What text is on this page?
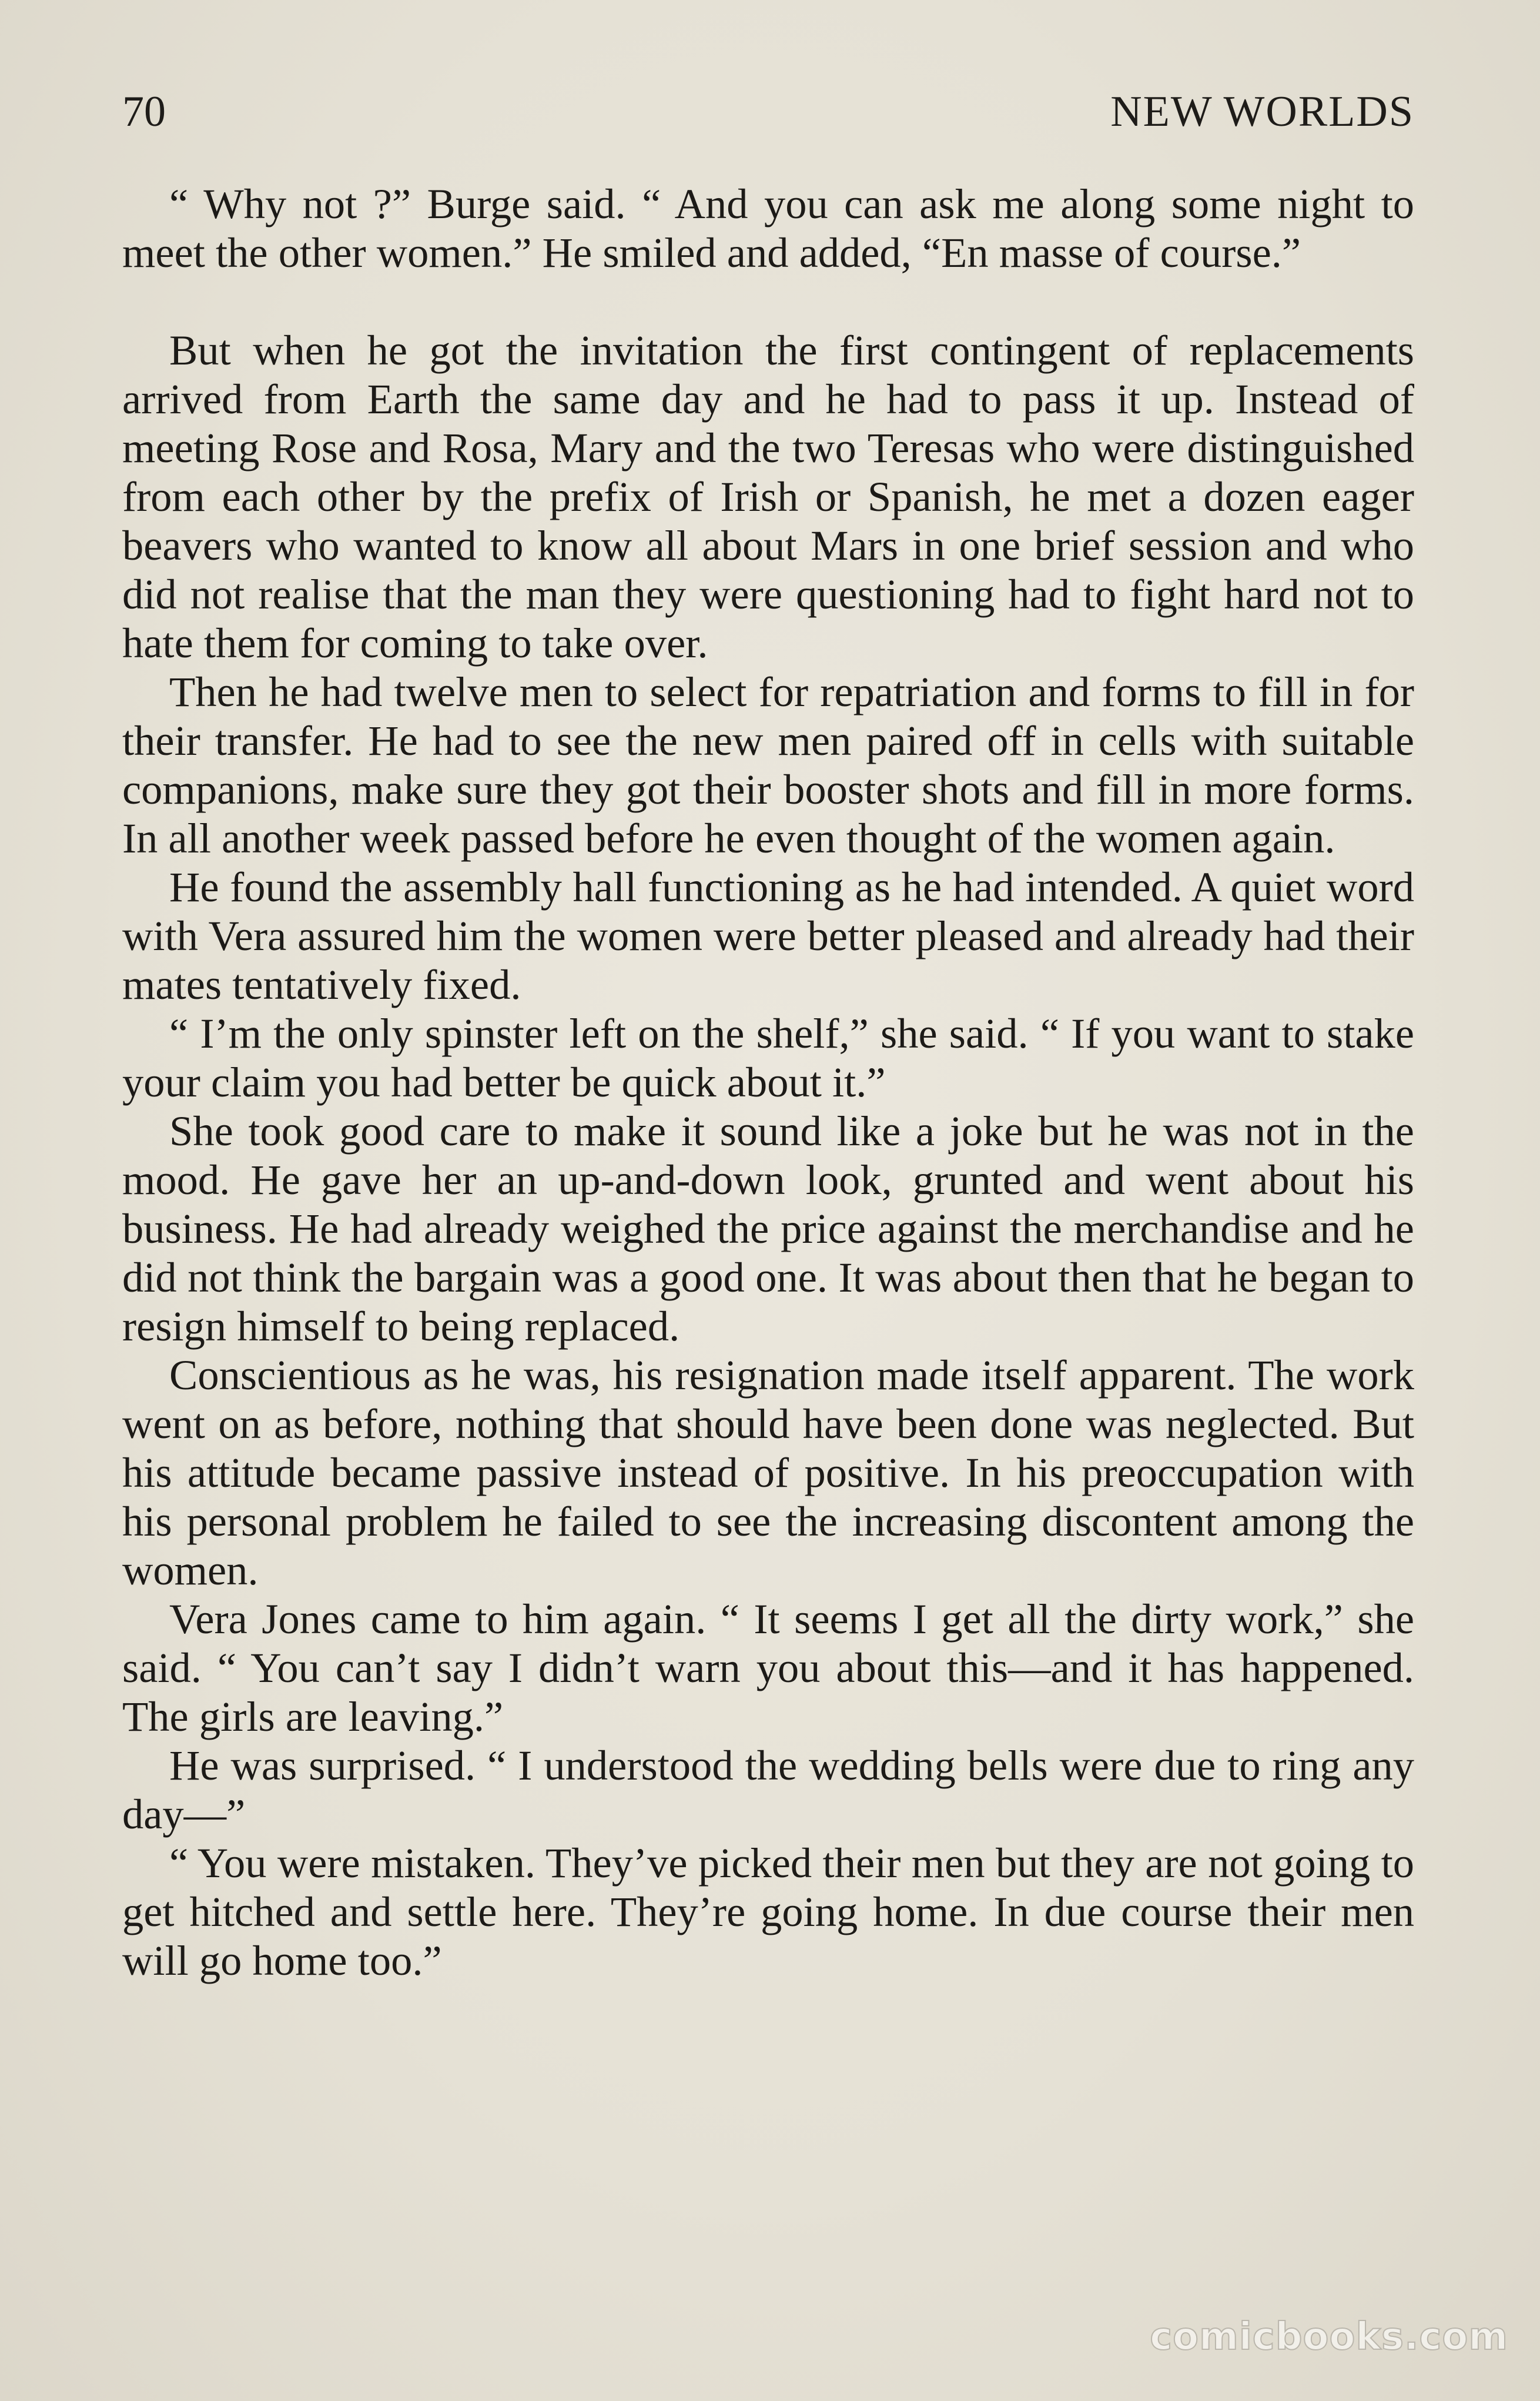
70	NEW WORLDS

“ Why not ?” Burge said. “ And you can ask me along some night to meet the other women.” He smiled and added, “En masse of course.”

But when he got the invitation the first contingent of replacements arrived from Earth the same day and he had to pass it up. Instead of meeting Rose and Rosa, Mary and the two Teresas who were distinguished from each other by the prefix of Irish or Spanish, he met a dozen eager beavers who wanted to know all about Mars in one brief session and who did not realise that the man they were questioning had to fight hard not to hate them for coming to take over.

Then he had twelve men to select for repatriation and forms to fill in for their transfer. He had to see the new men paired off in cells with suitable companions, make sure they got their booster shots and fill in more forms. In all another week passed before he even thought of the women again.

He found the assembly hall functioning as he had intended. A quiet word with Vera assured him the women were better pleased and already had their mates tentatively fixed.

“ I’m the only spinster left on the shelf,” she said. “ If you want to stake your claim you had better be quick about it.”

She took good care to make it sound like a joke but he was not in the mood. He gave her an up-and-down look, grunted and went about his business. He had already weighed the price against the merchandise and he did not think the bargain was a good one. It was about then that he began to resign himself to being replaced.

Conscientious as he was, his resignation made itself apparent. The work went on as before, nothing that should have been done was neglected. But his attitude became passive instead of positive. In his preoccupation with his personal problem he failed to see the increasing discontent among the women.

Vera Jones came to him again. “ It seems I get all the dirty work,” she said. “ You can’t say I didn’t warn you about this—and it has happened. The girls are leaving.”

He was surprised. “ I understood the wedding bells were due to ring any day—”

“ You were mistaken. They’ve picked their men but they are not going to get hitched and settle here. They’re going home. In due course their men will go home too.”

comicbooks.com
